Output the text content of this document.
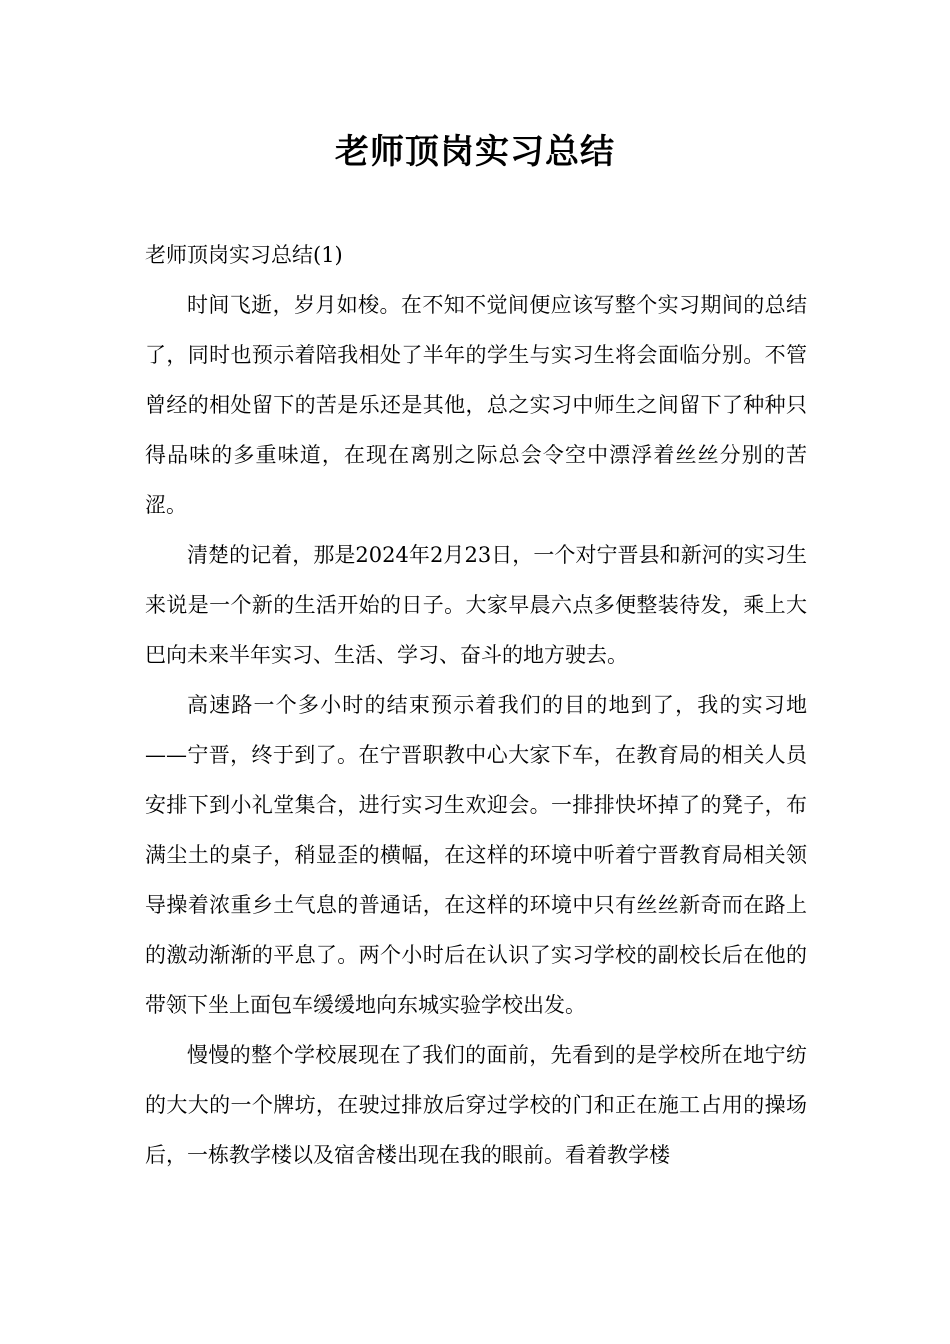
老师顶岗实习总结

老师顶岗实习总结(1)

时间飞逝，岁月如梭。在不知不觉间便应该写整个实习期间的总结了，同时也预示着陪我相处了半年的学生与实习生将会面临分别。不管曾经的相处留下的苦是乐还是其他，总之实习中师生之间留下了种种只得品味的多重味道，在现在离别之际总会令空中漂浮着丝丝分别的苦涩。

清楚的记着，那是2024年2月23日，一个对宁晋县和新河的实习生来说是一个新的生活开始的日子。大家早晨六点多便整装待发，乘上大巴向未来半年实习、生活、学习、奋斗的地方驶去。

高速路一个多小时的结束预示着我们的目的地到了，我的实习地——宁晋，终于到了。在宁晋职教中心大家下车，在教育局的相关人员安排下到小礼堂集合，进行实习生欢迎会。一排排快坏掉了的凳子，布满尘土的桌子，稍显歪的横幅，在这样的环境中听着宁晋教育局相关领导操着浓重乡土气息的普通话，在这样的环境中只有丝丝新奇而在路上的激动渐渐的平息了。两个小时后在认识了实习学校的副校长后在他的带领下坐上面包车缓缓地向东城实验学校出发。

慢慢的整个学校展现在了我们的面前，先看到的是学校所在地宁纺的大大的一个牌坊，在驶过排放后穿过学校的门和正在施工占用的操场后，一栋教学楼以及宿舍楼出现在我的眼前。看着教学楼
